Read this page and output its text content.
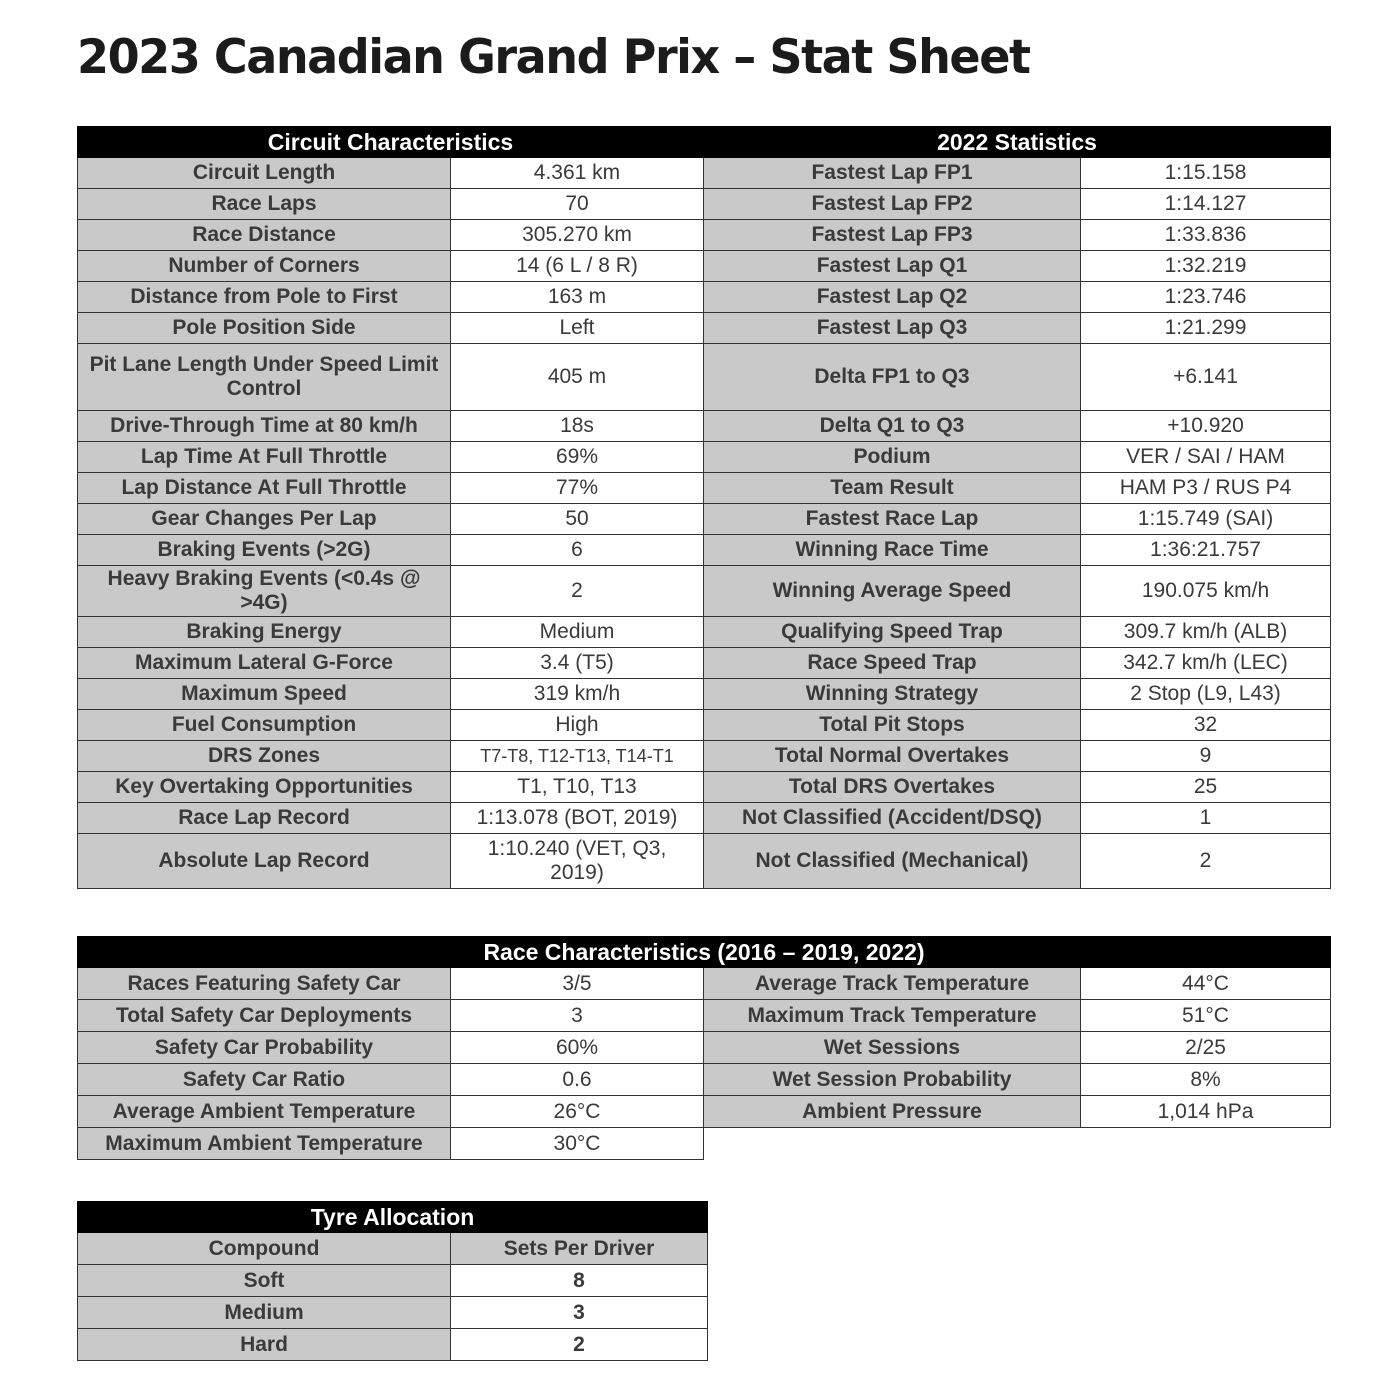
2023 Canadian Grand Prix – Stat Sheet
Circuit Characteristics		2022 Statistics	
Circuit Length	4.361 km	Fastest Lap FP1	1:15.158
Race Laps	70	Fastest Lap FP2	1:14.127
Race Distance	305.270 km	Fastest Lap FP3	1:33.836
Number of Corners	14 (6 L / 8 R)	Fastest Lap Q1	1:32.219
Distance from Pole to First	163 m	Fastest Lap Q2	1:23.746
Pole Position Side	Left	Fastest Lap Q3	1:21.299
Pit Lane Length Under Speed Limit Control	405 m	Delta FP1 to Q3	+6.141
Drive-Through Time at 80 km/h	18s	Delta Q1 to Q3	+10.920
Lap Time At Full Throttle	69%	Podium	VER / SAI / HAM
Lap Distance At Full Throttle	77%	Team Result	HAM P3 / RUS P4
Gear Changes Per Lap	50	Fastest Race Lap	1:15.749 (SAI)
Braking Events (>2G)	6	Winning Race Time	1:36:21.757
Heavy Braking Events (<0.4s @ >4G)	2	Winning Average Speed	190.075 km/h
Braking Energy	Medium	Qualifying Speed Trap	309.7 km/h (ALB)
Maximum Lateral G-Force	3.4 (T5)	Race Speed Trap	342.7 km/h (LEC)
Maximum Speed	319 km/h	Winning Strategy	2 Stop (L9, L43)
Fuel Consumption	High	Total Pit Stops	32
DRS Zones	T7-T8, T12-T13, T14-T1	Total Normal Overtakes	9
Key Overtaking Opportunities	T1, T10, T13	Total DRS Overtakes	25
Race Lap Record	1:13.078 (BOT, 2019)	Not Classified (Accident/DSQ)	1
Absolute Lap Record	1:10.240 (VET, Q3, 2019)	Not Classified (Mechanical)	2
Race Characteristics (2016 – 2019, 2022)			
Races Featuring Safety Car	3/5	Average Track Temperature	44°C
Total Safety Car Deployments	3	Maximum Track Temperature	51°C
Safety Car Probability	60%	Wet Sessions	2/25
Safety Car Ratio	0.6	Wet Session Probability	8%
Average Ambient Temperature	26°C	Ambient Pressure	1,014 hPa
Maximum Ambient Temperature	30°C		
Tyre Allocation	
Compound	Sets Per Driver
Soft	8
Medium	3
Hard	2
